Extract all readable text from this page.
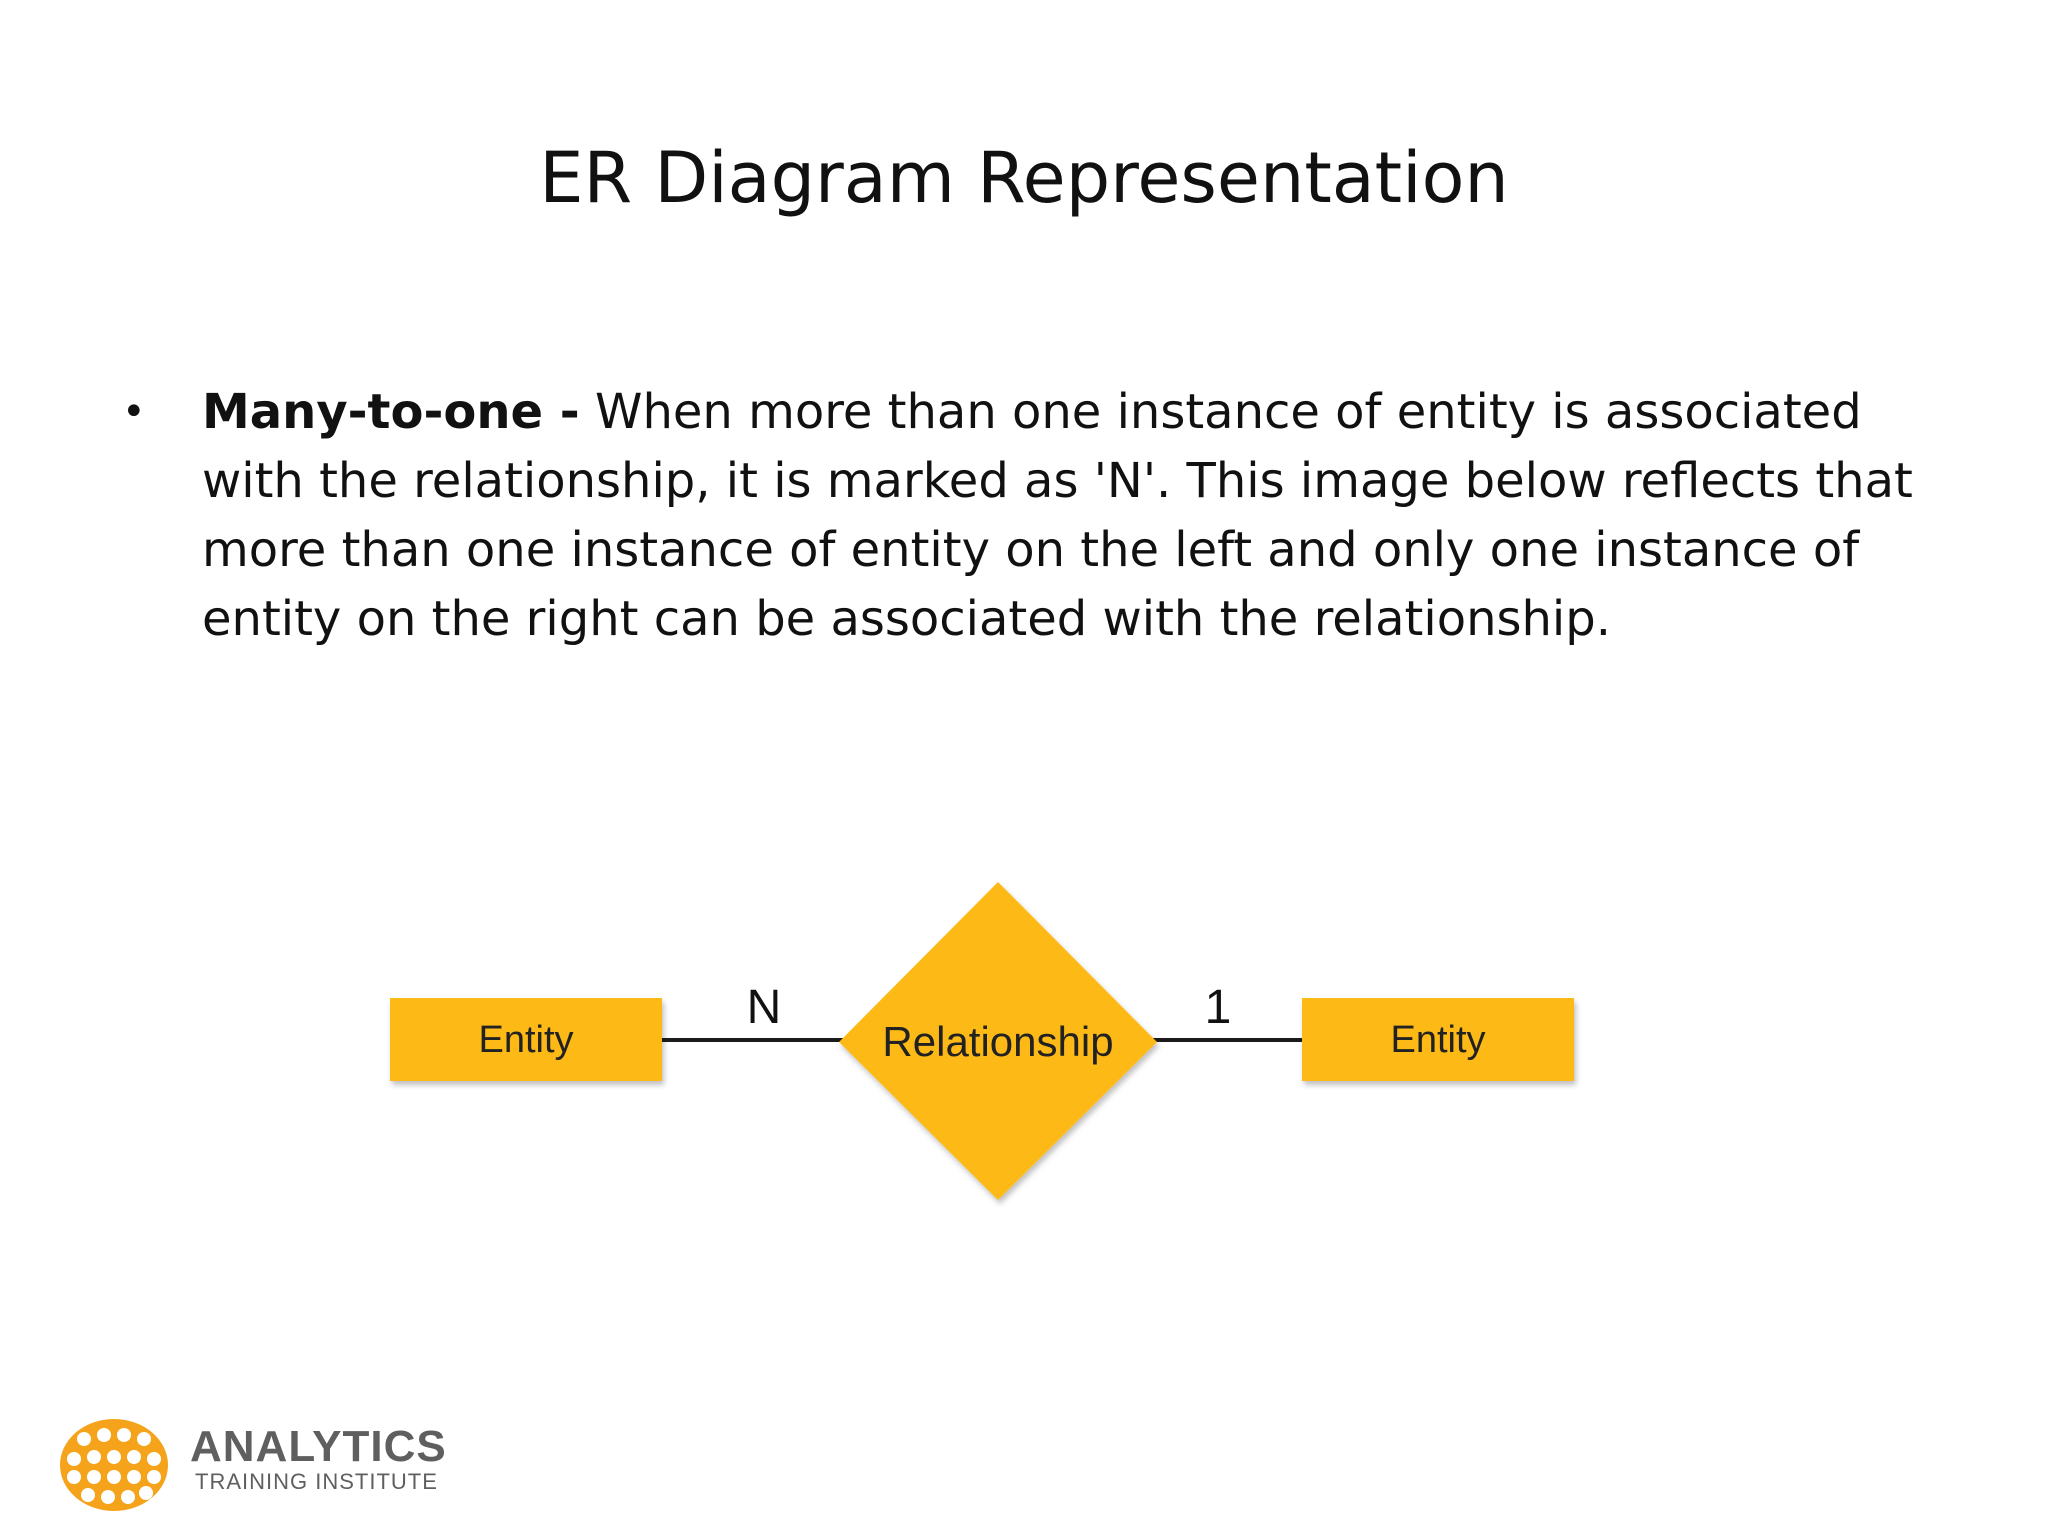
ER Diagram Representation
• Many-to-one - When more than one instance of entity is associated with the relationship, it is marked as 'N'. This image below reflects that more than one instance of entity on the left and only one instance of entity on the right can be associated with the relationship.
Entity	Relationship	Entity
N	1
ANALYTICS
TRAINING INSTITUTE
